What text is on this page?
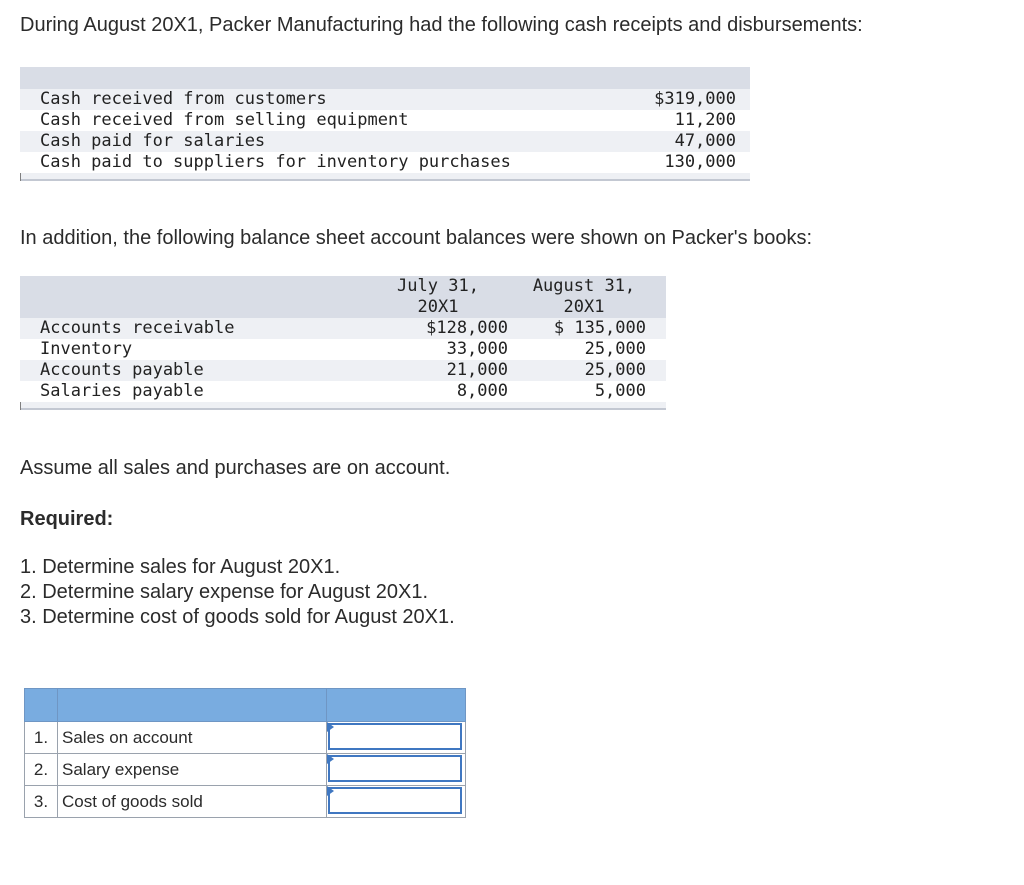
During August 20X1, Packer Manufacturing had the following cash receipts and disbursements:

Cash received from customers	$319,000
Cash received from selling equipment	11,200
Cash paid for salaries	47,000
Cash paid to suppliers for inventory purchases	130,000

In addition, the following balance sheet account balances were shown on Packer's books:

	July 31,	August 31,
	20X1	20X1
Accounts receivable	$128,000	$ 135,000
Inventory	33,000	25,000
Accounts payable	21,000	25,000
Salaries payable	8,000	5,000

Assume all sales and purchases are on account.

Required:

1. Determine sales for August 20X1.
2. Determine salary expense for August 20X1.
3. Determine cost of goods sold for August 20X1.

1.	Sales on account	

2.	Salary expense	

3.	Cost of goods sold	
